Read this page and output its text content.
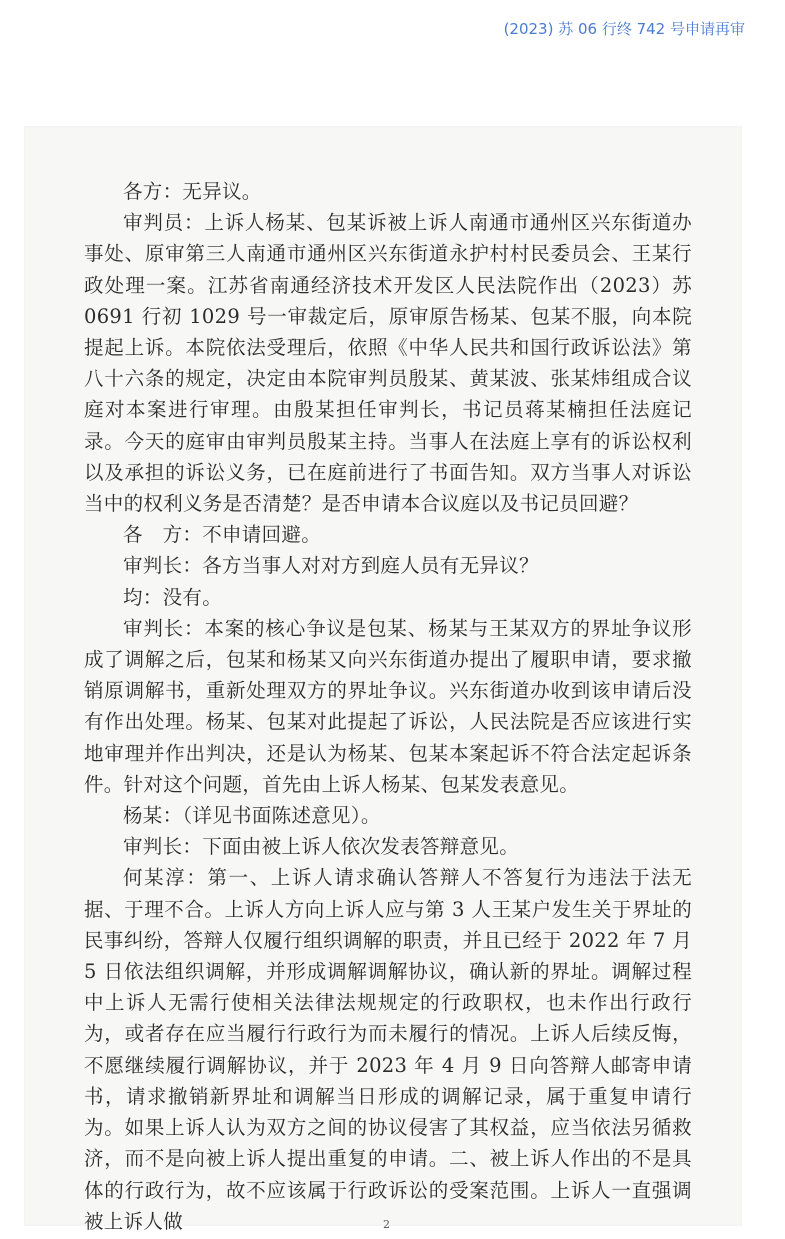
(2023) 苏 06 行终 742 号申请再审

各方：无异议。

审判员：上诉人杨某、包某诉被上诉人南通市通州区兴东街道办事处、原审第三人南通市通州区兴东街道永护村村民委员会、王某行政处理一案。江苏省南通经济技术开发区人民法院作出（2023）苏 0691 行初 1029 号一审裁定后，原审原告杨某、包某不服，向本院提起上诉。本院依法受理后，依照《中华人民共和国行政诉讼法》第八十六条的规定，决定由本院审判员殷某、黄某波、张某炜组成合议庭对本案进行审理。由殷某担任审判长，书记员蒋某楠担任法庭记录。今天的庭审由审判员殷某主持。当事人在法庭上享有的诉讼权利以及承担的诉讼义务，已在庭前进行了书面告知。双方当事人对诉讼当中的权利义务是否清楚？是否申请本合议庭以及书记员回避？

各　方：不申请回避。

审判长：各方当事人对对方到庭人员有无异议？

均：没有。

审判长：本案的核心争议是包某、杨某与王某双方的界址争议形成了调解之后，包某和杨某又向兴东街道办提出了履职申请，要求撤销原调解书，重新处理双方的界址争议。兴东街道办收到该申请后没有作出处理。杨某、包某对此提起了诉讼，人民法院是否应该进行实地审理并作出判决，还是认为杨某、包某本案起诉不符合法定起诉条件。针对这个问题，首先由上诉人杨某、包某发表意见。

杨某：（详见书面陈述意见）。

审判长：下面由被上诉人依次发表答辩意见。

何某淳：第一、上诉人请求确认答辩人不答复行为违法于法无据、于理不合。上诉人方向上诉人应与第 3 人王某户发生关于界址的民事纠纷，答辩人仅履行组织调解的职责，并且已经于 2022 年 7 月 5 日依法组织调解，并形成调解调解协议，确认新的界址。调解过程中上诉人无需行使相关法律法规规定的行政职权，也未作出行政行为，或者存在应当履行行政行为而未履行的情况。上诉人后续反悔，不愿继续履行调解协议，并于 2023 年 4 月 9 日向答辩人邮寄申请书，请求撤销新界址和调解当日形成的调解记录，属于重复申请行为。如果上诉人认为双方之间的协议侵害了其权益，应当依法另循救济，而不是向被上诉人提出重复的申请。二、被上诉人作出的不是具体的行政行为，故不应该属于行政诉讼的受案范围。上诉人一直强调被上诉人做	2
